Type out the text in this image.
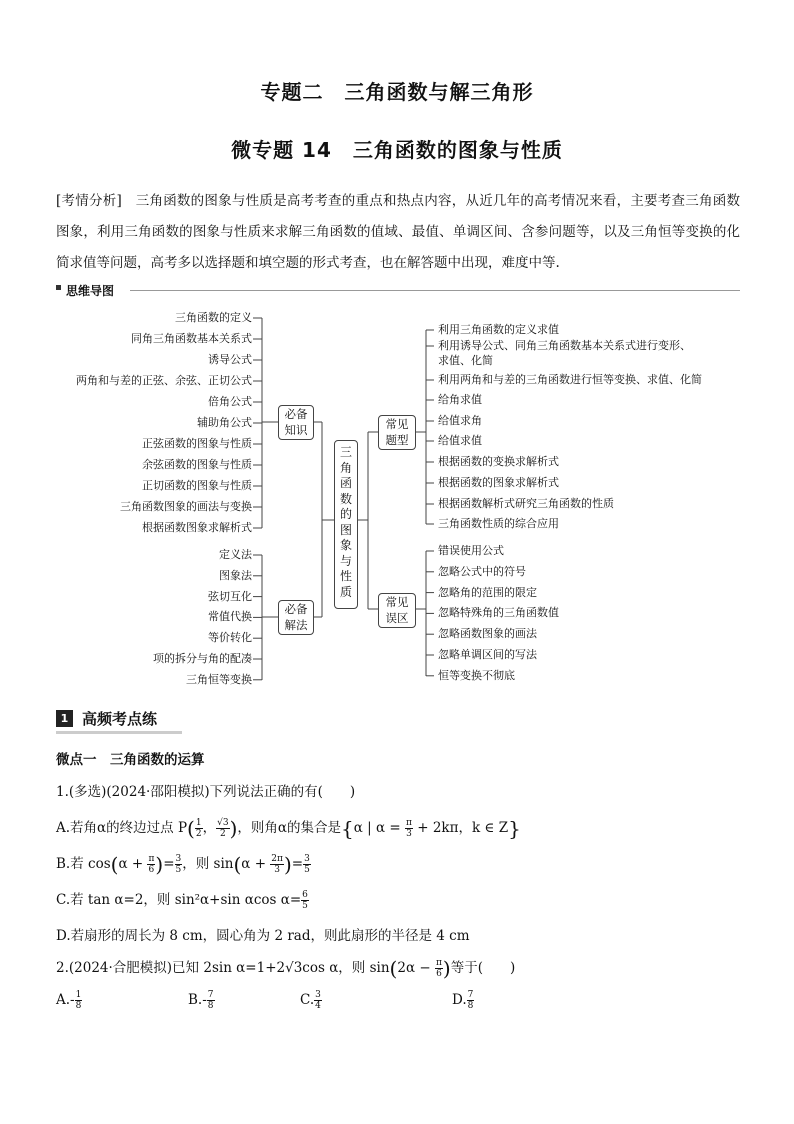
专题二　三角函数与解三角形
微专题 14　三角函数的图象与性质
[考情分析]　三角函数的图象与性质是高考考查的重点和热点内容，从近几年的高考情况来看，主要考查三角函数图象，利用三角函数的图象与性质来求解三角函数的值域、最值、单调区间、含参问题等，以及三角恒等变换的化简求值等问题，高考多以选择题和填空题的形式考查，也在解答题中出现，难度中等.
思维导图
三角函数的定义
同角三角函数基本关系式
诱导公式
两角和与差的正弦、余弦、正切公式
倍角公式
辅助角公式
正弦函数的图象与性质
余弦函数的图象与性质
正切函数的图象与性质
三角函数图象的画法与变换
根据函数图象求解析式
定义法
图象法
弦切互化
常值代换
等价转化
项的拆分与角的配凑
三角恒等变换
利用三角函数的定义求值
利用诱导公式、同角三角函数基本关系式进行变形、
求值、化简
利用两角和与差的三角函数进行恒等变换、求值、化简
给角求值
给值求角
给值求值
根据函数的变换求解析式
根据函数的图象求解析式
根据函数解析式研究三角函数的性质
三角函数性质的综合应用
错误使用公式
忽略公式中的符号
忽略角的范围的限定
忽略特殊角的三角函数值
忽略函数图象的画法
忽略单调区间的写法
恒等变换不彻底
必备
知识
必备
解法
常见
题型
常见
误区
三
角
函
数
的
图
象
与
性
质
1 高频考点练
微点一　三角函数的运算
1.(多选)(2024·邵阳模拟)下列说法正确的有(　　)
A.若角α的终边过点 $P( \frac{1}{2}$ ， $\frac{√3}{2}$ )，则角α的集合是{α | $\alpha = \frac{\pi}{3} + 2k\pi$，k ∈ Z}
B.若 $\cos(\alpha + \frac{\pi}{6}$ )= $\frac{3}{5}$ ，则 $\sin(\alpha + \frac{2\pi}{3}$ )= $\frac{3}{5}$
C.若 tan α=2，则 sin²α+sin αcos $\alpha= \frac{6}{5}$
D.若扇形的周长为 8 cm，圆心角为 2 rad，则此扇形的半径是 4 cm
2.(2024·合肥模拟)已知 2sin α=1+2√3cos α，则 $\sin(2\alpha - \frac{\pi}{6}$ )等于(　　)
$A.- \frac{1}{8}$	$B.- \frac{7}{8}$	C. $\frac{3}{4}$	D. $\frac{7}{8}$
